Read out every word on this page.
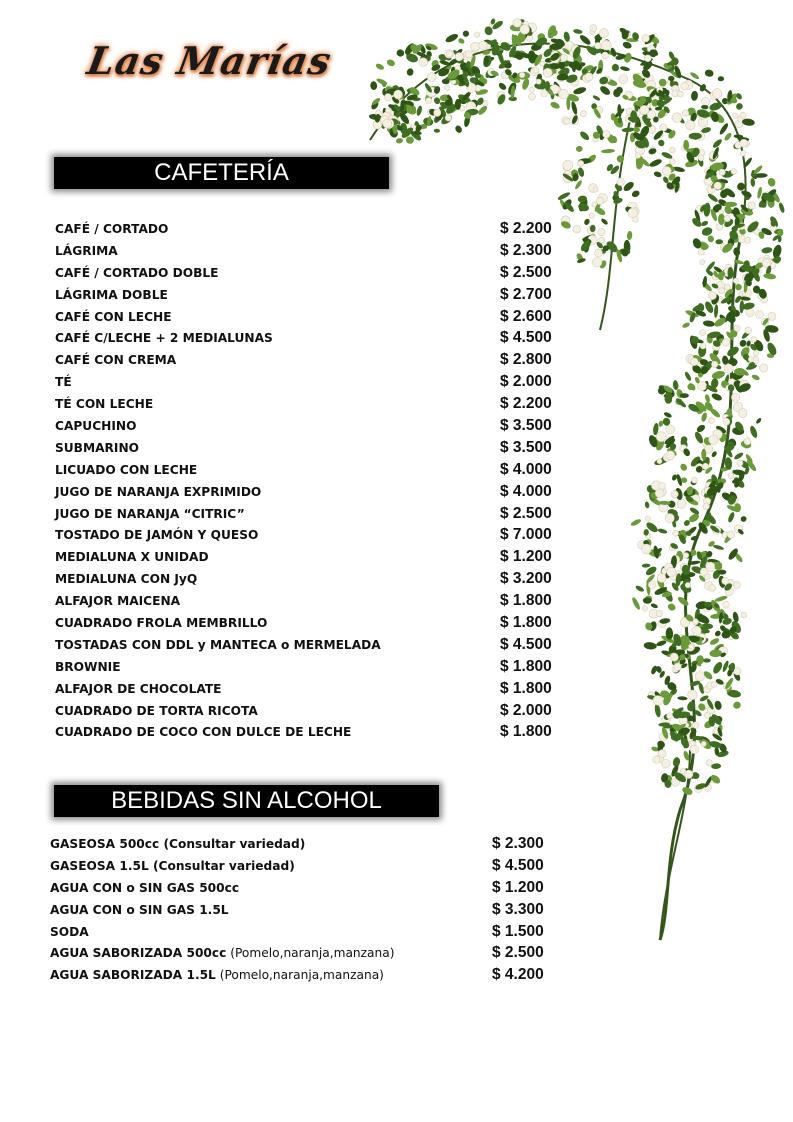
Las Marías
CAFETERÍA
CAFÉ / CORTADO	$ 2.200
LÁGRIMA	$ 2.300
CAFÉ / CORTADO DOBLE	$ 2.500
LÁGRIMA DOBLE	$ 2.700
CAFÉ CON LECHE	$ 2.600
CAFÉ C/LECHE + 2 MEDIALUNAS	$ 4.500
CAFÉ CON CREMA	$ 2.800
TÉ	$ 2.000
TÉ CON LECHE	$ 2.200
CAPUCHINO	$ 3.500
SUBMARINO	$ 3.500
LICUADO CON LECHE	$ 4.000
JUGO DE NARANJA EXPRIMIDO	$ 4.000
JUGO DE NARANJA “CITRIC”	$ 2.500
TOSTADO DE JAMÓN Y QUESO	$ 7.000
MEDIALUNA X UNIDAD	$ 1.200
MEDIALUNA CON JyQ	$ 3.200
ALFAJOR MAICENA	$ 1.800
CUADRADO FROLA MEMBRILLO	$ 1.800
TOSTADAS CON DDL y MANTECA o MERMELADA	$ 4.500
BROWNIE	$ 1.800
ALFAJOR DE CHOCOLATE	$ 1.800
CUADRADO DE TORTA RICOTA	$ 2.000
CUADRADO DE COCO CON DULCE DE LECHE	$ 1.800
BEBIDAS SIN ALCOHOL
GASEOSA 500cc (Consultar variedad)	$ 2.300
GASEOSA 1.5L (Consultar variedad)	$ 4.500
AGUA CON o SIN GAS 500cc	$ 1.200
AGUA CON o SIN GAS 1.5L	$ 3.300
SODA	$ 1.500
AGUA SABORIZADA 500cc (Pomelo,naranja,manzana)	$ 2.500
AGUA SABORIZADA 1.5L (Pomelo,naranja,manzana)	$ 4.200
